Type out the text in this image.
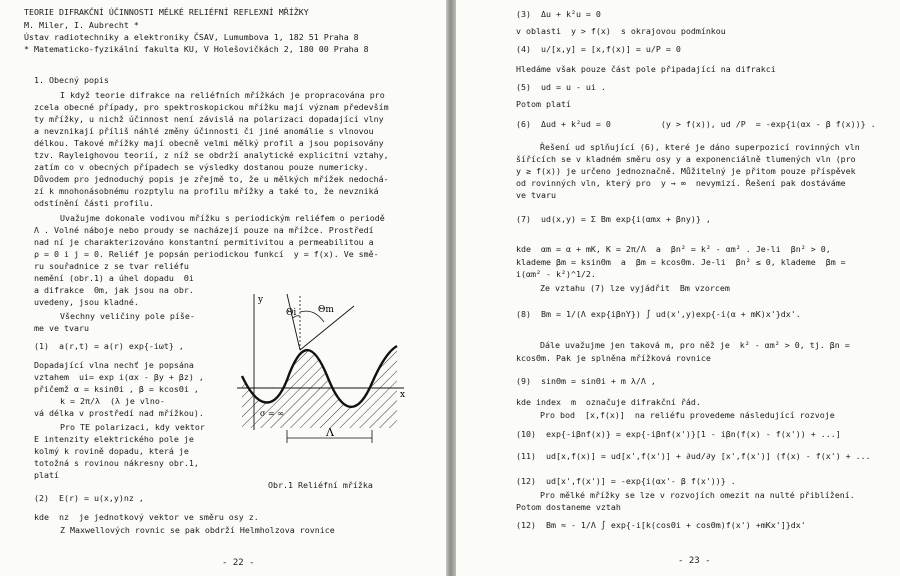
TEORIE DIFRAKČNÍ ÚČINNOSTI MĚLKÉ RELIÉFNÍ REFLEXNÍ MŘÍŽKY
M. Miler, I. Aubrecht *
Ústav radiotechniky a elektroniky ČSAV, Lumumbova 1, 182 51 Praha 8
* Matematicko-fyzikální fakulta KU, V Holešovičkách 2, 180 00 Praha 8
1. Obecný popis
I když teorie difrakce na reliéfních mřížkách je propracována pro
zcela obecné případy, pro spektroskopickou mřížku mají význam především
ty mřížky, u nichž účinnost není závislá na polarizaci dopadající vlny
a nevznikají příliš náhlé změny účinnosti či jiné anomálie s vlnovou
délkou. Takové mřížky mají obecně velmi mělký profil a jsou popisovány
tzv. Rayleighovou teorií, z níž se obdrží analytické explicitní vztahy,
zatím co v obecných případech se výsledky dostanou pouze numericky.
Důvodem pro jednoduchý popis je zřejmě to, že u mělkých mřížek nedochá-
zí k mnohonásobnému rozptylu na profilu mřížky a také to, že nevzniká
odstínění části profilu.
Uvažujme dokonale vodivou mřížku s periodickým reliéfem o periodě
Λ . Volné náboje nebo proudy se nacházejí pouze na mřížce. Prostředí
nad ní je charakterizováno konstantní permitivitou a permeabilitou a
ρ = 0 i j = 0. Reliéf je popsán periodickou funkcí  y = f(x). Ve smě-
ru souřadnice z se tvar reliéfu
nemění (obr.1) a úhel dopadu  Θi
a difrakce  Θm, jak jsou na obr.
uvedeny, jsou kladné.
Všechny veličiny pole píše-
me ve tvaru
(1)  a(r,t) = a(r) exp{-iωt} ,
Dopadající vlna nechť je popsána
vztahem  ui= exp i(αx - βy + βz) ,
přičemž α = ksinΘi , β = kcosΘi ,
k = 2π/λ  (λ je vlno-
vá délka v prostředí nad mřížkou).
Pro TE polarizaci, kdy vektor
E intenzity elektrického pole je
kolmý k rovině dopadu, která je
totožná s rovinou nákresny obr.1,
platí
(2)  E(r) = u(x,y)nz ,
kde  nz  je jednotkový vektor ve směru osy z.
Z Maxwellových rovnic se pak obdrží Helmholzova rovnice
y
x
Θi Θm
σ = ∞
Λ
Obr.1 Reliéfní mřížka
- 22 -
(3)  Δu + k²u = 0
v oblasti  y > f(x)  s okrajovou podmínkou
(4)  u/[x,y] = [x,f(x)] = u/P = 0
Hledáme však pouze část pole připadající na difrakci
(5)  ud = u - ui .
Potom platí
(6)  Δud + k²ud = 0          (y > f(x)), ud /P  = -exp{i(αx - β f(x))} .
Řešení ud splňující (6), které je dáno superpozicí rovinných vln
šířících se v kladném směru osy y a exponenciálně tlumených vln (pro
y ≥ f(x)) je určeno jednoznačně. Můžitelný je přitom pouze příspěvek
od rovinných vln, který pro  y → ∞  nevymizí. Řešení pak dostáváme
ve tvaru
(7)  ud(x,y) = Σ Bm exp{i(αmx + βny)} ,
kde  αm = α + mK, K = 2π/Λ  a  βn² = k² - αm² . Je-li  βn² > 0,
klademe βm = ksinΘm  a  βm = kcosΘm. Je-li  βn² ≤ 0, klademe  βm =
i(αm² - k²)^1/2.
Ze vztahu (7) lze vyjádřit  Bm vzorcem
(8)  Bm = 1/(Λ exp{iβnY}) ∫ ud(x',y)exp{-i(α + mK)x'}dx'.
Dále uvažujme jen taková m, pro něž je  k² - αm² > 0, tj. βn =
kcosΘm. Pak je splněna mřížková rovnice
(9)  sinΘm = sinΘi + m λ/Λ ,
kde index  m  označuje difrakční řád.
Pro bod  [x,f(x)]  na reliéfu provedeme následující rozvoje
(10)  exp{-iβnf(x)} = exp{-iβnf(x')}[1 - iβn(f(x) - f(x')) + ...]
(11)  ud[x,f(x)] = ud[x',f(x')] + ∂ud/∂y [x',f(x')] (f(x) - f(x') + ...
(12)  ud[x',f(x')] = -exp{i(αx'- β f(x'))} .
Pro mělké mřížky se lze v rozvojích omezit na nulté přiblížení.
Potom dostaneme vztah
(12)  Bm ≈ - 1/Λ ∫ exp{-i[k(cosΘi + cosΘm)f(x') +mKx']}dx'
- 23 -
